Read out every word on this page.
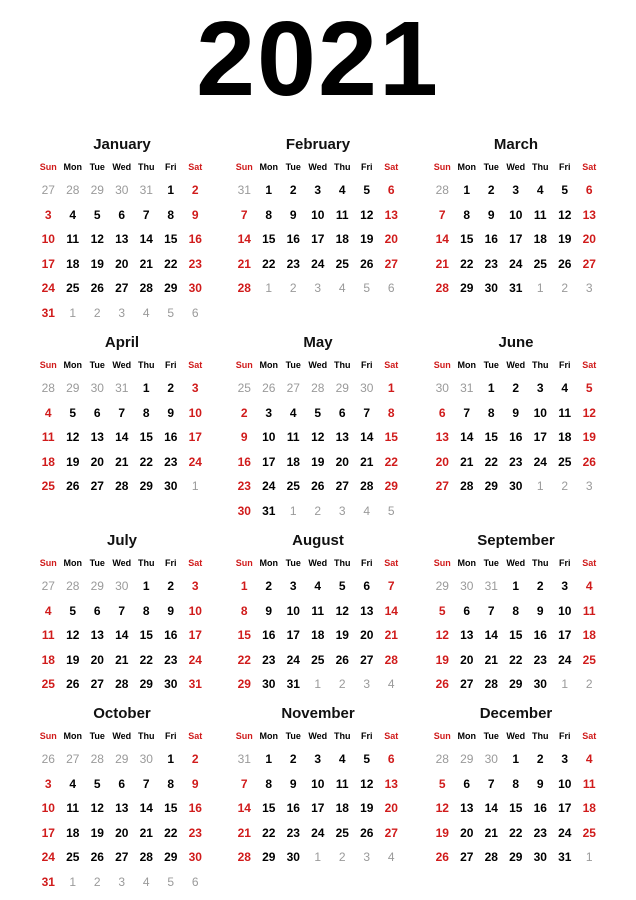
2021
January
Sun Mon Tue Wed Thu	Fri	Sat
27 28 29 30 31	1	2
3	4	5	6	7	8	9
10 11 12 13 14 15 16
17 18 19 20 21 22 23
24 25 26 27 28 29 30
31	1	2	3	4	5	6
February
Sun Mon Tue Wed Thu	Fri	Sat
31	1	2	3	4	5	6
7	8	9	10 11 12 13
14 15 16 17 18 19 20
21 22 23 24 25 26 27
28	1	2	3	4	5	6
March
Sun Mon Tue Wed Thu	Fri	Sat
28	1	2	3	4	5	6
7	8	9	10 11 12 13
14 15 16 17 18 19 20
21 22 23 24 25 26 27
28 29 30 31	1	2	3
April
Sun Mon Tue Wed Thu	Fri	Sat
28 29 30 31	1	2	3
4	5	6	7	8	9	10
11 12 13 14 15 16 17
18 19 20 21 22 23 24
25 26 27 28 29 30	1
May
Sun Mon Tue Wed Thu	Fri	Sat
25 26 27 28 29 30	1
2	3	4	5	6	7	8
9	10 11 12 13 14 15
16 17 18 19 20 21 22
23 24 25 26 27 28 29
30 31	1	2	3	4	5
June
Sun Mon Tue Wed Thu	Fri	Sat
30 31	1	2	3	4	5
6	7	8	9	10 11 12
13 14 15 16 17 18 19
20 21 22 23 24 25 26
27 28 29 30	1	2	3
July
Sun Mon Tue Wed Thu	Fri	Sat
27 28 29 30	1	2	3
4	5	6	7	8	9	10
11 12 13 14 15 16 17
18 19 20 21 22 23 24
25 26 27 28 29 30 31
August
Sun Mon Tue Wed Thu	Fri	Sat
1	2	3	4	5	6	7
8	9	10 11 12 13 14
15 16 17 18 19 20 21
22 23 24 25 26 27 28
29 30 31	1	2	3	4
September
Sun Mon Tue Wed Thu	Fri	Sat
29 30 31	1	2	3	4
5	6	7	8	9	10 11
12 13 14 15 16 17 18
19 20 21 22 23 24 25
26 27 28 29 30	1	2
October
Sun Mon Tue Wed Thu	Fri	Sat
26 27 28 29 30	1	2
3	4	5	6	7	8	9
10 11 12 13 14 15 16
17 18 19 20 21 22 23
24 25 26 27 28 29 30
31	1	2	3	4	5	6
November
Sun Mon Tue Wed Thu	Fri	Sat
31	1	2	3	4	5	6
7	8	9	10 11 12 13
14 15 16 17 18 19 20
21 22 23 24 25 26 27
28 29 30	1	2	3	4
December
Sun Mon Tue Wed Thu	Fri	Sat
28 29 30	1	2	3	4
5	6	7	8	9	10 11
12 13 14 15 16 17 18
19 20 21 22 23 24 25
26 27 28 29 30 31	1
